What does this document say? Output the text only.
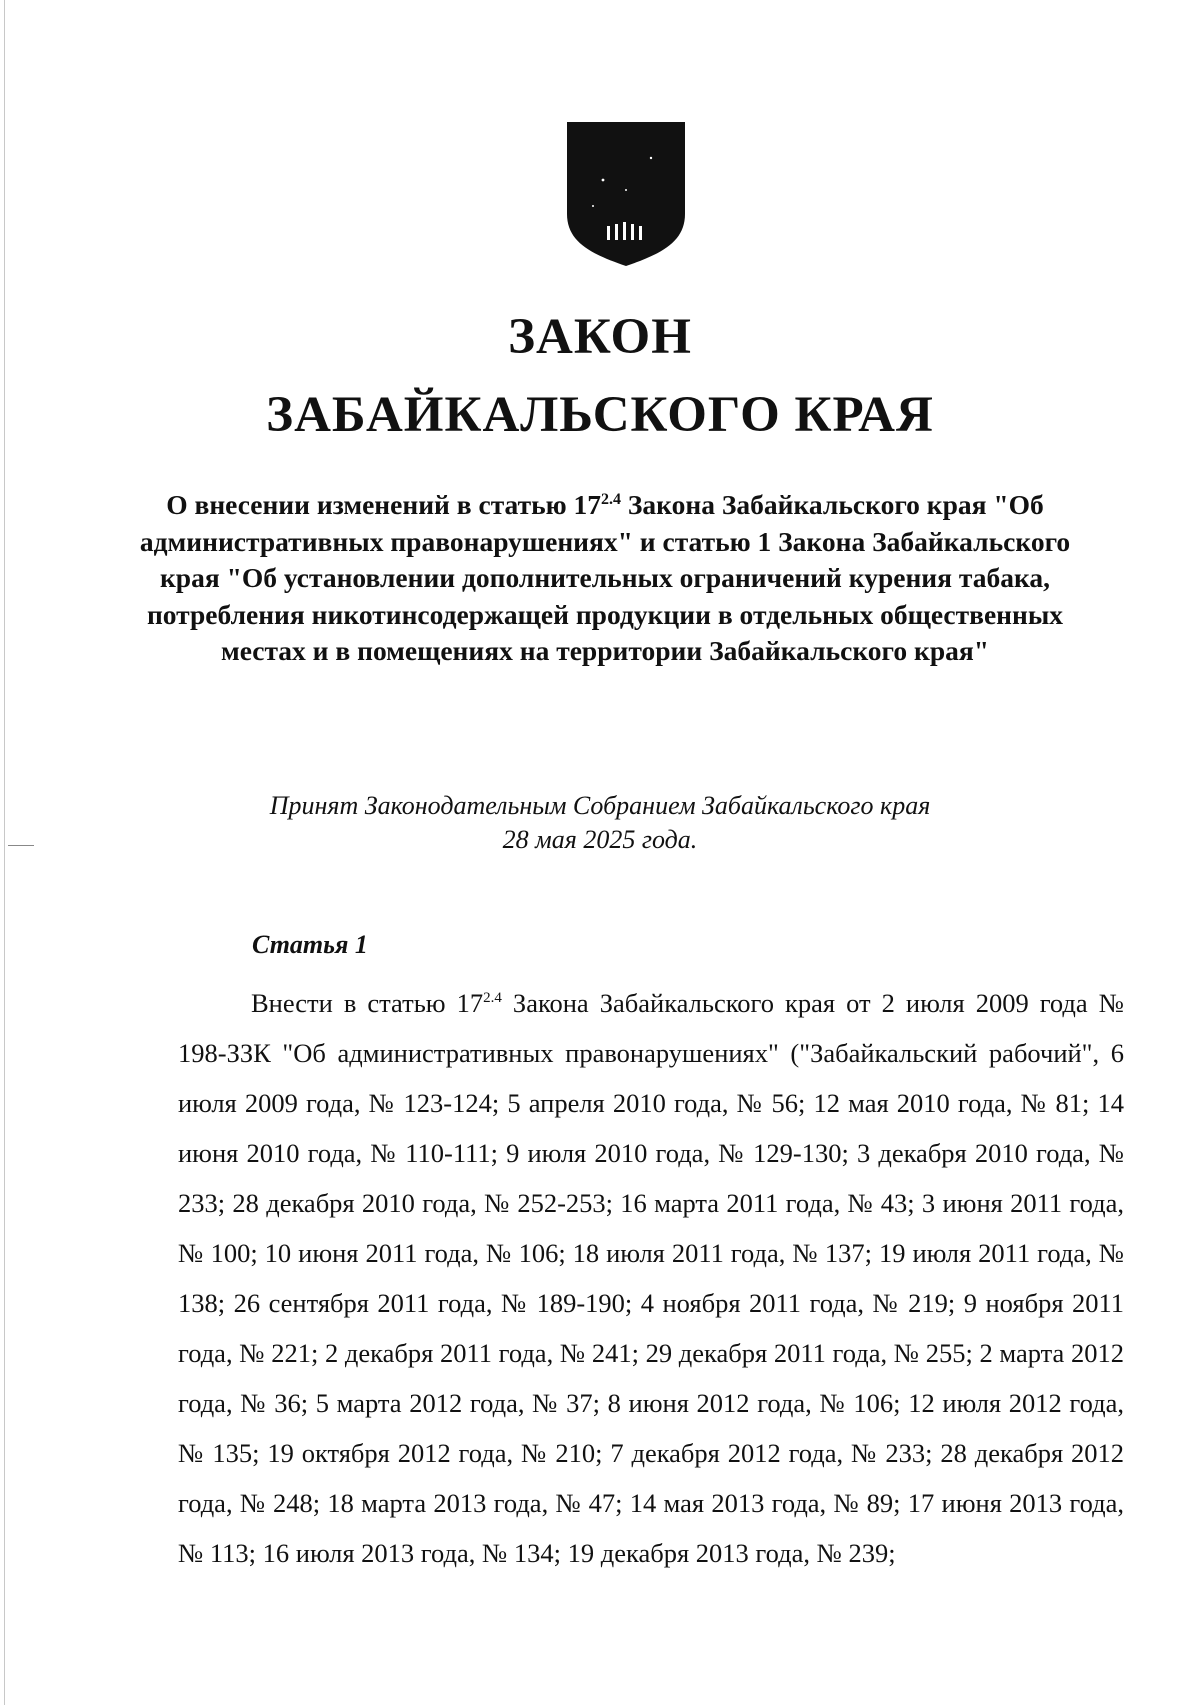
ЗАКОН
ЗАБАЙКАЛЬСКОГО КРАЯ

О внесении изменений в статью $17^{2.4}$ Закона Забайкальского края "Об административных правонарушениях" и статью 1 Закона Забайкальского края "Об установлении дополнительных ограничений курения табака, потребления никотинсодержащей продукции в отдельных общественных местах и в помещениях на территории Забайкальского края"

Принят Законодательным Собранием Забайкальского края
28 мая 2025 года.

Статья 1

Внести в статью $17^{2.4}$ Закона Забайкальского края от 2 июля 2009 года № 198-ЗЗК "Об административных правонарушениях" ("Забайкальский рабочий", 6 июля 2009 года, № 123-124; 5 апреля 2010 года, № 56; 12 мая 2010 года, № 81; 14 июня 2010 года, № 110-111; 9 июля 2010 года, № 129-130; 3 декабря 2010 года, № 233; 28 декабря 2010 года, № 252-253; 16 марта 2011 года, № 43; 3 июня 2011 года, № 100; 10 июня 2011 года, № 106; 18 июля 2011 года, № 137; 19 июля 2011 года, № 138; 26 сентября 2011 года, № 189-190; 4 ноября 2011 года, № 219; 9 ноября 2011 года, № 221; 2 декабря 2011 года, № 241; 29 декабря 2011 года, № 255; 2 марта 2012 года, № 36; 5 марта 2012 года, № 37; 8 июня 2012 года, № 106; 12 июля 2012 года, № 135; 19 октября 2012 года, № 210; 7 декабря 2012 года, № 233; 28 декабря 2012 года, № 248; 18 марта 2013 года, № 47; 14 мая 2013 года, № 89; 17 июня 2013 года, № 113; 16 июля 2013 года, № 134; 19 декабря 2013 года, № 239;
